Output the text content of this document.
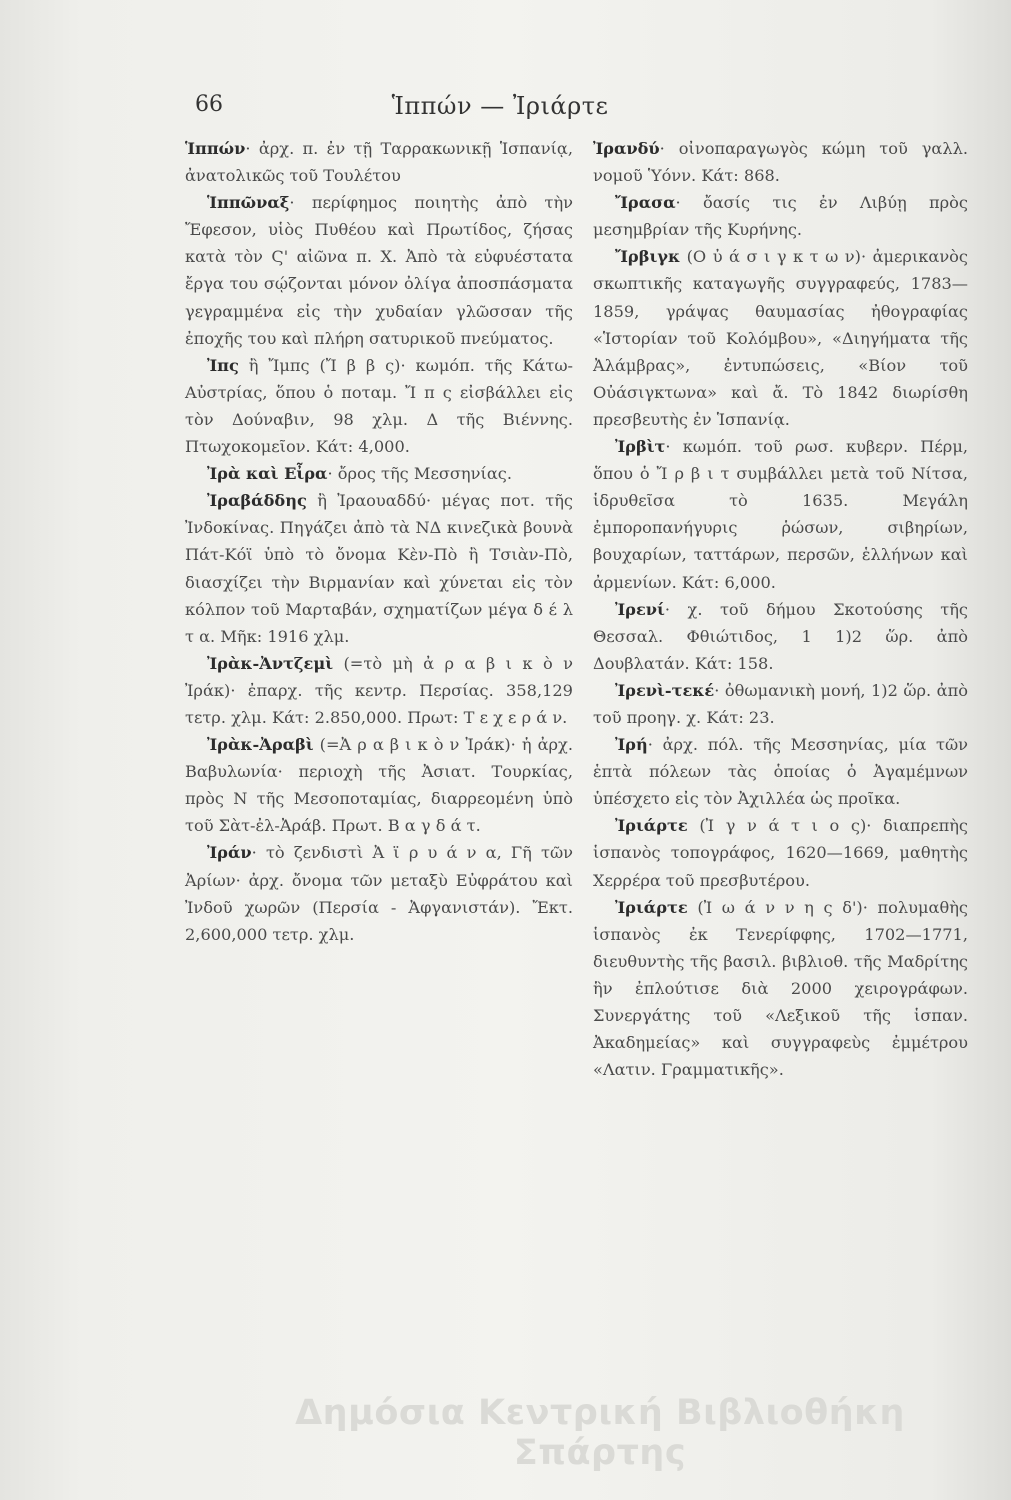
66	Ἱππών — Ἰριάρτε

Ἱππών· ἀρχ. π. ἐν τῇ Ταρρακωνικῇ Ἱσπανίᾳ, ἀνατολικῶς τοῦ Τουλέτου

Ἱππῶναξ· περίφημος ποιητὴς ἀπὸ τὴν Ἔφεσον, υἱὸς Πυθέου καὶ Πρωτίδος, ζήσας κατὰ τὸν Ϛ' αἰῶνα π. Χ. Ἀπὸ τὰ εὐφυέστατα ἔργα του σῴζονται μόνον ὀλίγα ἀποσπάσματα γεγραμμένα εἰς τὴν χυδαίαν γλῶσσαν τῆς ἐποχῆς του καὶ πλήρη σατυρικοῦ πνεύματος.

Ἰπς ἢ Ἴμπς (Ἴ β β ς)· κωμόπ. τῆς Κάτω-Αὐστρίας, ὅπου ὁ ποταμ. Ἴ π ς εἰσβάλλει εἰς τὸν Δούναβιν, 98 χλμ. Δ τῆς Βιέννης. Πτωχοκομεῖον. Κάτ: 4,000.

Ἰρὰ καὶ Εἶρα· ὄρος τῆς Μεσσηνίας.

Ἰραβάδδης ἢ Ἰραουαδδύ· μέγας ποτ. τῆς Ἰνδοκίνας. Πηγάζει ἀπὸ τὰ ΝΔ κινεζικὰ βουνὰ Πάτ-Κόϊ ὑπὸ τὸ ὄνομα Κὲν-Πὸ ἢ Τσιὰν-Πὸ, διασχίζει τὴν Βιρμανίαν καὶ χύνεται εἰς τὸν κόλπον τοῦ Μαρταβάν, σχηματίζων μέγα δ έ λ τ α. Μῆκ: 1916 χλμ.

Ἰρὰκ-Ἀντζεμὶ (=τὸ μὴ ἀ ρ α β ι κ ὸ ν Ἰράκ)· ἐπαρχ. τῆς κεντρ. Περσίας. 358,129 τετρ. χλμ. Κάτ: 2.850,000. Πρωτ: Τ ε χ ε ρ ά ν.

Ἰρὰκ-Ἀραβὶ (=Ἀ ρ α β ι κ ὸ ν Ἰράκ)· ἡ ἀρχ. Βαβυλωνία· περιοχὴ τῆς Ἀσιατ. Τουρκίας, πρὸς Ν τῆς Μεσοποταμίας, διαρρεομένη ὑπὸ τοῦ Σὰτ-ἐλ-Ἀράβ. Πρωτ. Β α γ δ ά τ.

Ἰράν· τὸ ζενδιστὶ Ἀ ϊ ρ υ ά ν α, Γῆ τῶν Ἀρίων· ἀρχ. ὄνομα τῶν μεταξὺ Εὐφράτου καὶ Ἰνδοῦ χωρῶν (Περσία - Ἀφγανιστάν). Ἔκτ. 2,600,000 τετρ. χλμ.

Ἰρανδύ· οἰνοπαραγωγὸς κώμη τοῦ γαλλ. νομοῦ Ὑόνν. Κάτ: 868.

Ἴρασα· ὄασίς τις ἐν Λιβύῃ πρὸς μεσημβρίαν τῆς Κυρήνης.

Ἴρβιγκ (Ο ὐ ά σ ι γ κ τ ω ν)· ἀμερικανὸς σκωπτικῆς καταγωγῆς συγγραφεύς, 1783—1859, γράψας θαυμασίας ἠθογραφίας «Ἱστορίαν τοῦ Κολόμβου», «Διηγήματα τῆς Ἀλάμβρας», ἐντυπώσεις, «Βίον τοῦ Οὐάσιγκτωνα» καὶ ἄ. Τὸ 1842 διωρίσθη πρεσβευτὴς ἐν Ἱσπανίᾳ.

Ἰρβὶτ· κωμόπ. τοῦ ρωσ. κυβερν. Πέρμ, ὅπου ὁ Ἴ ρ β ι τ συμβάλλει μετὰ τοῦ Νίτσα, ἱδρυθεῖσα τὸ 1635. Μεγάλη ἐμποροπανήγυρις ῥώσων, σιβηρίων, βουχαρίων, ταττάρων, περσῶν, ἑλλήνων καὶ ἀρμενίων. Κάτ: 6,000.

Ἰρενί· χ. τοῦ δήμου Σκοτούσης τῆς Θεσσαλ. Φθιώτιδος, 1 1)2 ὥρ. ἀπὸ Δουβλατάν. Κάτ: 158.

Ἰρενὶ-τεκέ· ὀθωμανικὴ μονή, 1)2 ὥρ. ἀπὸ τοῦ προηγ. χ. Κάτ: 23.

Ἰρή· ἀρχ. πόλ. τῆς Μεσσηνίας, μία τῶν ἑπτὰ πόλεων τὰς ὁποίας ὁ Ἀγαμέμνων ὑπέσχετο εἰς τὸν Ἀχιλλέα ὡς προῖκα.

Ἰριάρτε (Ἰ γ ν ά τ ι ο ς)· διαπρεπὴς ἱσπανὸς τοπογράφος, 1620—1669, μαθητὴς Χερρέρα τοῦ πρεσβυτέρου.

Ἰριάρτε (Ἰ ω ά ν ν η ς δ')· πολυμαθὴς ἱσπανὸς ἐκ Τενερίφφης, 1702—1771, διευθυντὴς τῆς βασιλ. βιβλιοθ. τῆς Μαδρίτης ἣν ἐπλούτισε διὰ 2000 χειρογράφων. Συνεργάτης τοῦ «Λεξικοῦ τῆς ἱσπαν. Ἀκαδημείας» καὶ συγγραφεὺς ἐμμέτρου «Λατιν. Γραμματικῆς».

Δημόσια Κεντρική Βιβλιοθήκη Σπάρτης
